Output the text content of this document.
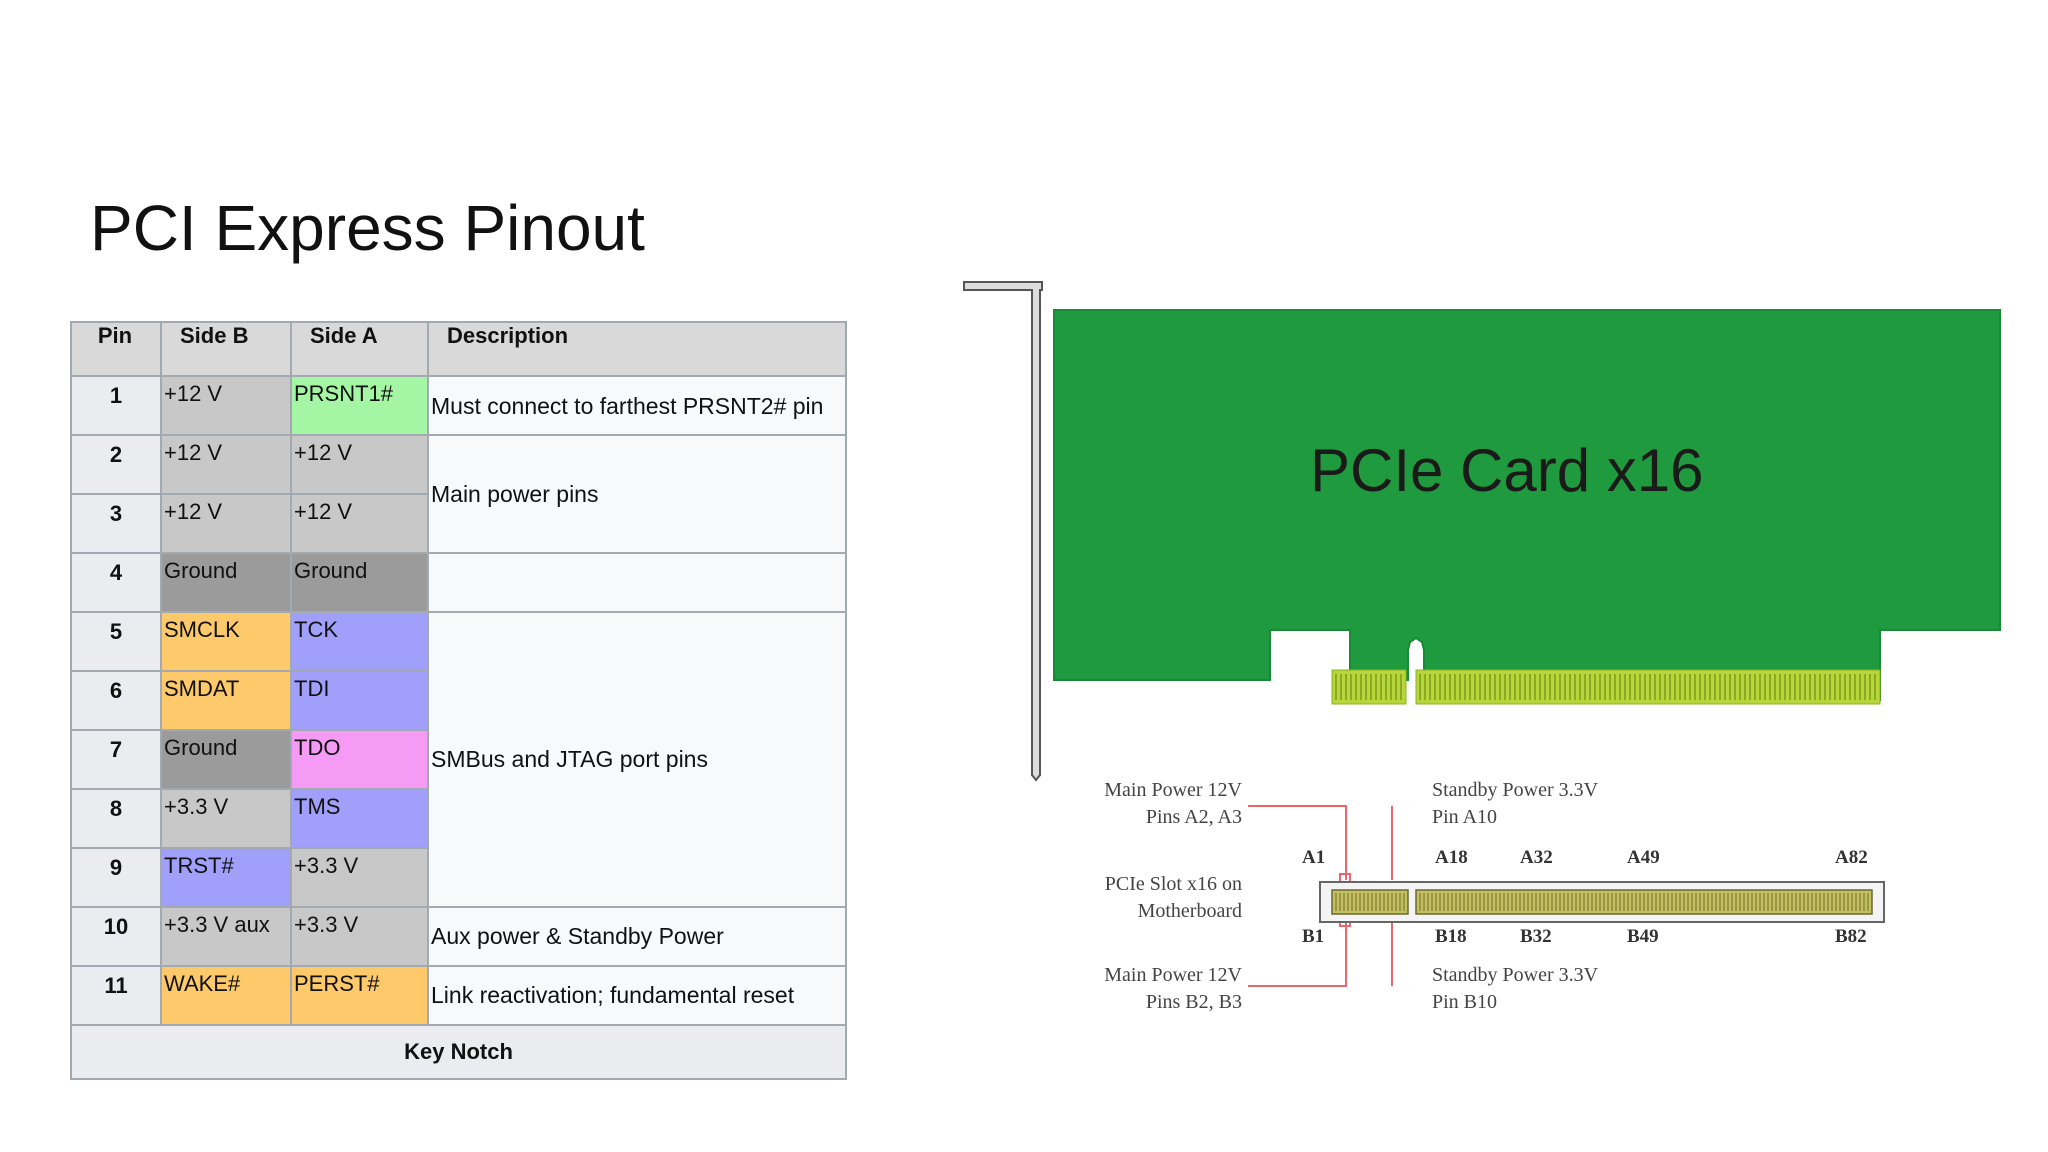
PCI Express Pinout
Pin	Side B	Side A	Description
1	+12 V	PRSNT1#	Must connect to farthest PRSNT2# pin
2	+12 V	+12 V	Main power pins
3	+12 V	+12 V	
4	Ground	Ground	
5	SMCLK	TCK	SMBus and JTAG port pins
6	SMDAT	TDI	
7	Ground	TDO	
8	+3.3 V	TMS	
9	TRST#	+3.3 V	
10	+3.3 V aux	+3.3 V	Aux power & Standby Power
11	WAKE#	PERST#	Link reactivation; fundamental reset
Key Notch			
PCIe Card x16

Main Power 12V
Pins A2, A3

Standby Power 3.3V
Pin A10

PCIe Slot x16 on
Motherboard

Main Power 12V
Pins B2, B3

Standby Power 3.3V
Pin B10

A1	A18	A32	A49	A82
B1	B18	B32	B49	B82
